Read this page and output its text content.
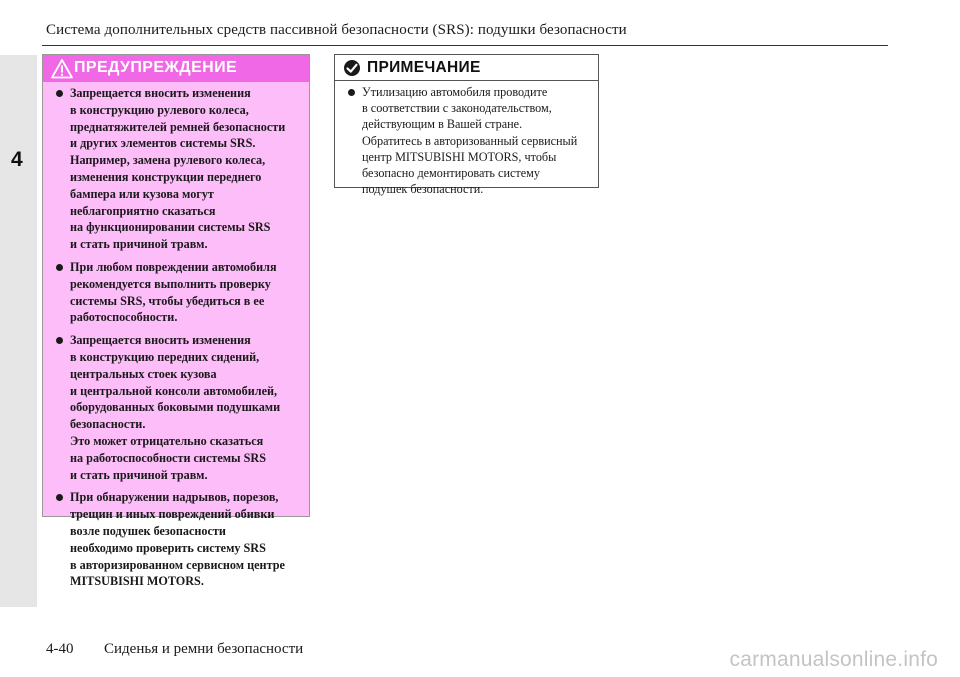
4
Система дополнительных средств пассивной безопасности (SRS): подушки безопасности
ПРЕДУПРЕЖДЕНИЕ
Запрещается вносить изменения
в конструкцию рулевого колеса,
преднатяжителей ремней безопасности
и других элементов системы SRS.
Например, замена рулевого колеса,
изменения конструкции переднего
бампера или кузова могут
неблагоприятно сказаться
на функционировании системы SRS
и стать причиной травм.
При любом повреждении автомобиля
рекомендуется выполнить проверку
системы SRS, чтобы убедиться в ее
работоспособности.
Запрещается вносить изменения
в конструкцию передних сидений,
центральных стоек кузова
и центральной консоли автомобилей,
оборудованных боковыми подушками
безопасности.
Это может отрицательно сказаться
на работоспособности системы SRS
и стать причиной травм.
При обнаружении надрывов, порезов,
трещин и иных повреждений обивки
возле подушек безопасности
необходимо проверить систему SRS
в авторизированном сервисном центре
MITSUBISHI MOTORS.
ПРИМЕЧАНИЕ
Утилизацию автомобиля проводите
в соответствии с законодательством,
действующим в Вашей стране.
Обратитесь в авторизованный сервисный
центр MITSUBISHI MOTORS, чтобы
безопасно демонтировать систему
подушек безопасности.
4-40 Сиденья и ремни безопасности	carmanualsonline.info
